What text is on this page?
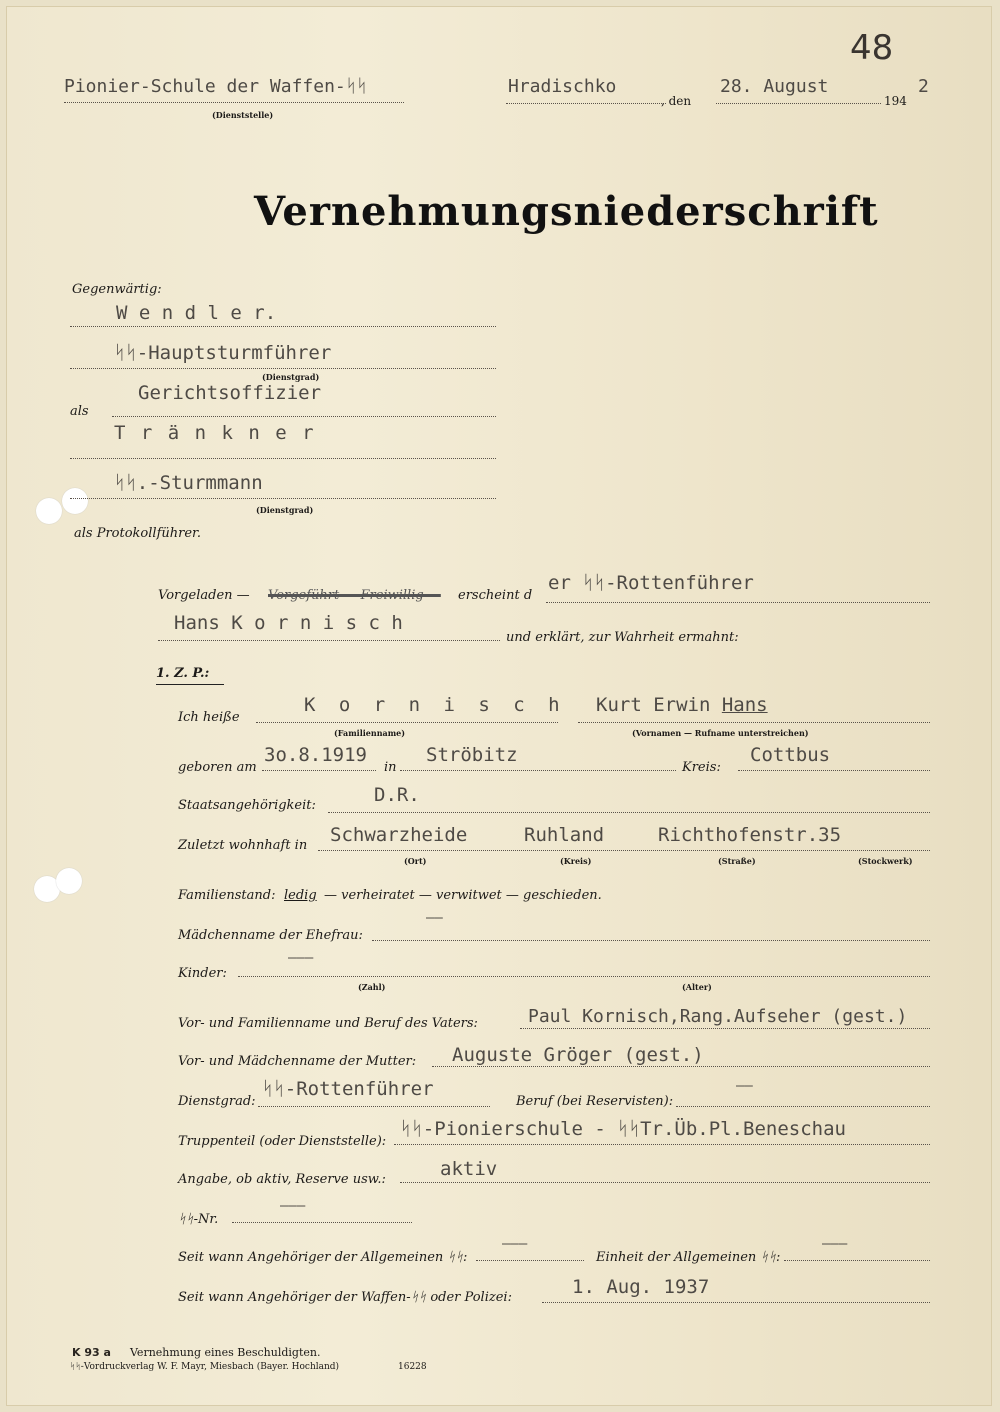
48
Pionier-Schule der Waffen-ᛋᛋ
(Dienststelle)
Hradischko
, den
28. August
194
2
Vernehmungsniederschrift
Gegenwärtig:
W e n d l e r.
ᛋᛋ-Hauptsturmführer
(Dienstgrad)
als
Gerichtsoffizier
T r ä n k n e r
ᛋᛋ.-Sturmmann
(Dienstgrad)
als Protokollführer.
Vorgeladen — Vorgeführt — Freiwillig — erscheint d
er ᛋᛋ-Rottenführer
Hans K o r n i s c h
und erklärt, zur Wahrheit ermahnt:
1. Z. P.:
Ich heiße
K o r n i s c h
(Familienname)
Kurt Erwin Hans
(Vornamen — Rufname unterstreichen)
geboren am
3o.8.1919
in
Ströbitz
Kreis:
Cottbus
Staatsangehörigkeit:	D.R.
Zuletzt wohnhaft in Schwarzheide	Ruhland	Richthofenstr.35
(Ort)	(Kreis)	(Straße)	(Stockwerk)
Familienstand: ledig — verheiratet — verwitwet — geschieden.
Mädchenname der Ehefrau:
——
Kinder:
———
(Zahl)	(Alter)
Vor- und Familienname und Beruf des Vaters:	Paul Kornisch,Rang.Aufseher (gest.)
Vor- und Mädchenname der Mutter: Auguste Gröger (gest.)
Dienstgrad:
ᛋᛋ-Rottenführer
Beruf (bei Reservisten):
——
Truppenteil (oder Dienststelle):
ᛋᛋ-Pionierschule - ᛋᛋTr.Üb.Pl.Beneschau
Angabe, ob aktiv, Reserve usw.:	aktiv
ᛋᛋ-Nr.
———
Seit wann Angehöriger der Allgemeinen ᛋᛋ:
———
Einheit der Allgemeinen ᛋᛋ:
———
Seit wann Angehöriger der Waffen-ᛋᛋ oder Polizei:	1. Aug. 1937
K 93 a Vernehmung eines Beschuldigten.
ᛋᛋ-Vordruckverlag W. F. Mayr, Miesbach (Bayer. Hochland)	16228
